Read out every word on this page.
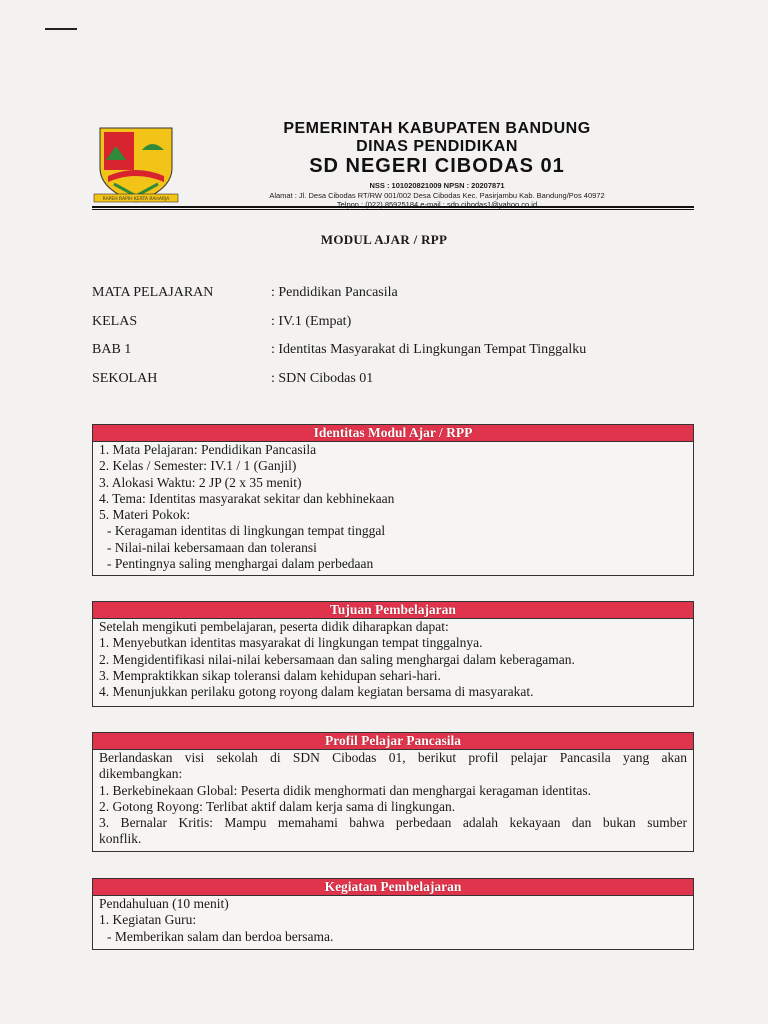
RAPEH RAPIH KERTA RAHARJA
PEMERINTAH KABUPATEN BANDUNG
DINAS PENDIDIKAN
SD NEGERI CIBODAS 01
NSS : 101020821009 NPSN : 20207871
Alamat : Jl. Desa Cibodas RT/RW 001/002 Desa Cibodas Kec. Pasirjambu Kab. Bandung/Pos 40972
Telpon : (022) 85925184 e-mail : sdn.cibodas1@yahoo.co.id
MODUL AJAR / RPP
MATA PELAJARAN	: Pendidikan Pancasila
KELAS	: IV.1 (Empat)
BAB 1	: Identitas Masyarakat di Lingkungan Tempat Tinggalku
SEKOLAH	: SDN Cibodas 01
Identitas Modul Ajar / RPP
1. Mata Pelajaran: Pendidikan Pancasila
2. Kelas / Semester: IV.1 / 1 (Ganjil)
3. Alokasi Waktu: 2 JP (2 x 35 menit)
4. Tema: Identitas masyarakat sekitar dan kebhinekaan
5. Materi Pokok:
- Keragaman identitas di lingkungan tempat tinggal
- Nilai-nilai kebersamaan dan toleransi
- Pentingnya saling menghargai dalam perbedaan
Tujuan Pembelajaran
Setelah mengikuti pembelajaran, peserta didik diharapkan dapat:
1. Menyebutkan identitas masyarakat di lingkungan tempat tinggalnya.
2. Mengidentifikasi nilai-nilai kebersamaan dan saling menghargai dalam keberagaman.
3. Mempraktikkan sikap toleransi dalam kehidupan sehari-hari.
4. Menunjukkan perilaku gotong royong dalam kegiatan bersama di masyarakat.
Profil Pelajar Pancasila
Berlandaskan visi sekolah di SDN Cibodas 01, berikut profil pelajar Pancasila yang akan
dikembangkan:
1. Berkebinekaan Global: Peserta didik menghormati dan menghargai keragaman identitas.
2. Gotong Royong: Terlibat aktif dalam kerja sama di lingkungan.
3. Bernalar Kritis: Mampu memahami bahwa perbedaan adalah kekayaan dan bukan sumber
konflik.
Kegiatan Pembelajaran
Pendahuluan (10 menit)
1. Kegiatan Guru:
- Memberikan salam dan berdoa bersama.
